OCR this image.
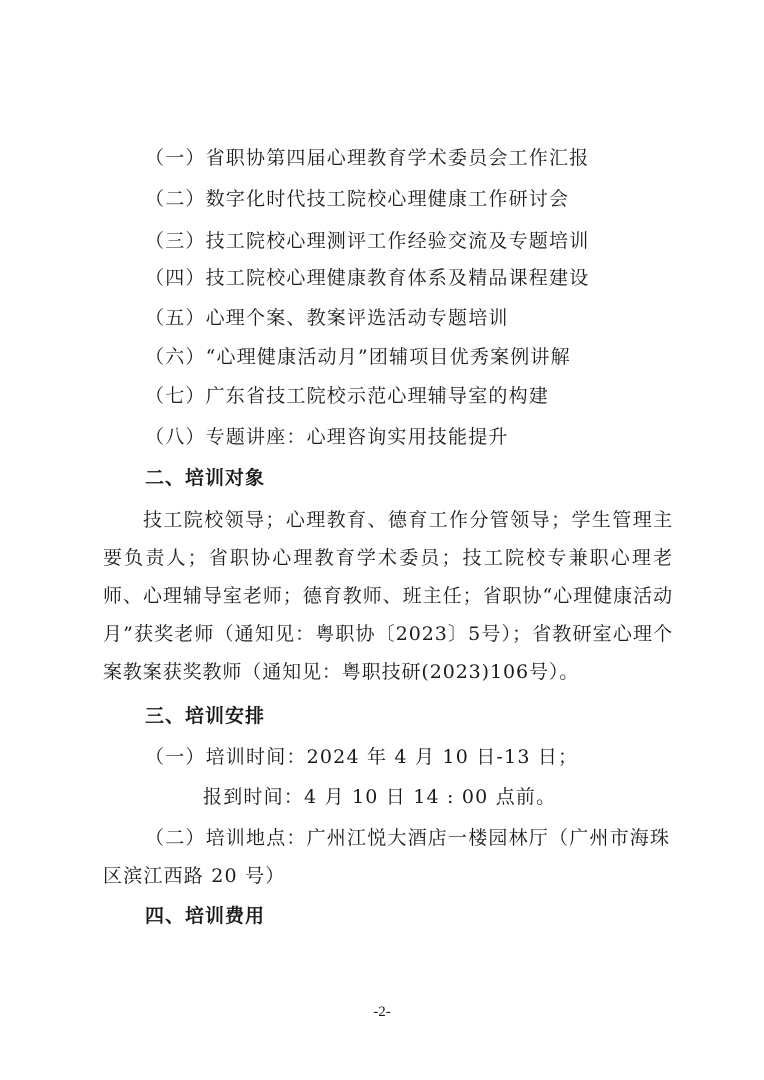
（一）省职协第四届心理教育学术委员会工作汇报
（二）数字化时代技工院校心理健康工作研讨会
（三）技工院校心理测评工作经验交流及专题培训
（四）技工院校心理健康教育体系及精品课程建设
（五）心理个案、教案评选活动专题培训
（六）“心理健康活动月”团辅项目优秀案例讲解
（七）广东省技工院校示范心理辅导室的构建
（八）专题讲座：心理咨询实用技能提升
二、培训对象
技工院校领导；心理教育、德育工作分管领导；学生管理主要负责人；省职协心理教育学术委员；技工院校专兼职心理老师、心理辅导室老师；德育教师、班主任；省职协“心理健康活动月”获奖老师（通知见：粤职协〔2023〕5号）；省教研室心理个案教案获奖教师（通知见：粤职技研(2023)106号）。
三、培训安排
（一）培训时间：2024 年 4 月 10 日-13 日；
报到时间：4 月 10 日 14 : 00 点前。
（二）培训地点：广州江悦大酒店一楼园林厅（广州市海珠
区滨江西路 20 号）
四、培训费用
-2-
